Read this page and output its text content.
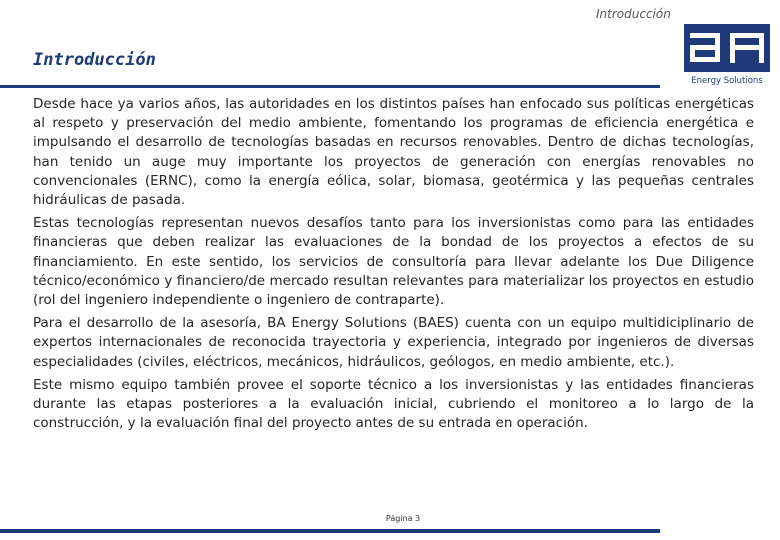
Introducción
Introducción
Energy Solutions

Desde hace ya varios años, las autoridades en los distintos países han enfocado sus políticas energéticas al respeto y preservación del medio ambiente, fomentando los programas de eficiencia energética e impulsando el desarrollo de tecnologías basadas en recursos renovables. Dentro de dichas tecnologías, han tenido un auge muy importante los proyectos de generación con energías renovables no convencionales (ERNC), como la energía eólica, solar, biomasa, geotérmica y las pequeñas centrales hidráulicas de pasada.

Estas tecnologías representan nuevos desafíos tanto para los inversionistas como para las entidades financieras que deben realizar las evaluaciones de la bondad de los proyectos a efectos de su financiamiento. En este sentido, los servicios de consultoría para llevar adelante los Due Diligence técnico/económico y financiero/de mercado resultan relevantes para materializar los proyectos en estudio (rol del ingeniero independiente o ingeniero de contraparte).

Para el desarrollo de la asesoría, BA Energy Solutions (BAES) cuenta con un equipo multidiciplinario de expertos internacionales de reconocida trayectoria y experiencia, integrado por ingenieros de diversas especialidades (civiles, eléctricos, mecánicos, hidráulicos, geólogos, en medio ambiente, etc.).

Este mismo equipo también provee el soporte técnico a los inversionistas y las entidades financieras durante las etapas posteriores a la evaluación inicial, cubriendo el monitoreo a lo largo de la construcción, y la evaluación final del proyecto antes de su entrada en operación.

Página 3
